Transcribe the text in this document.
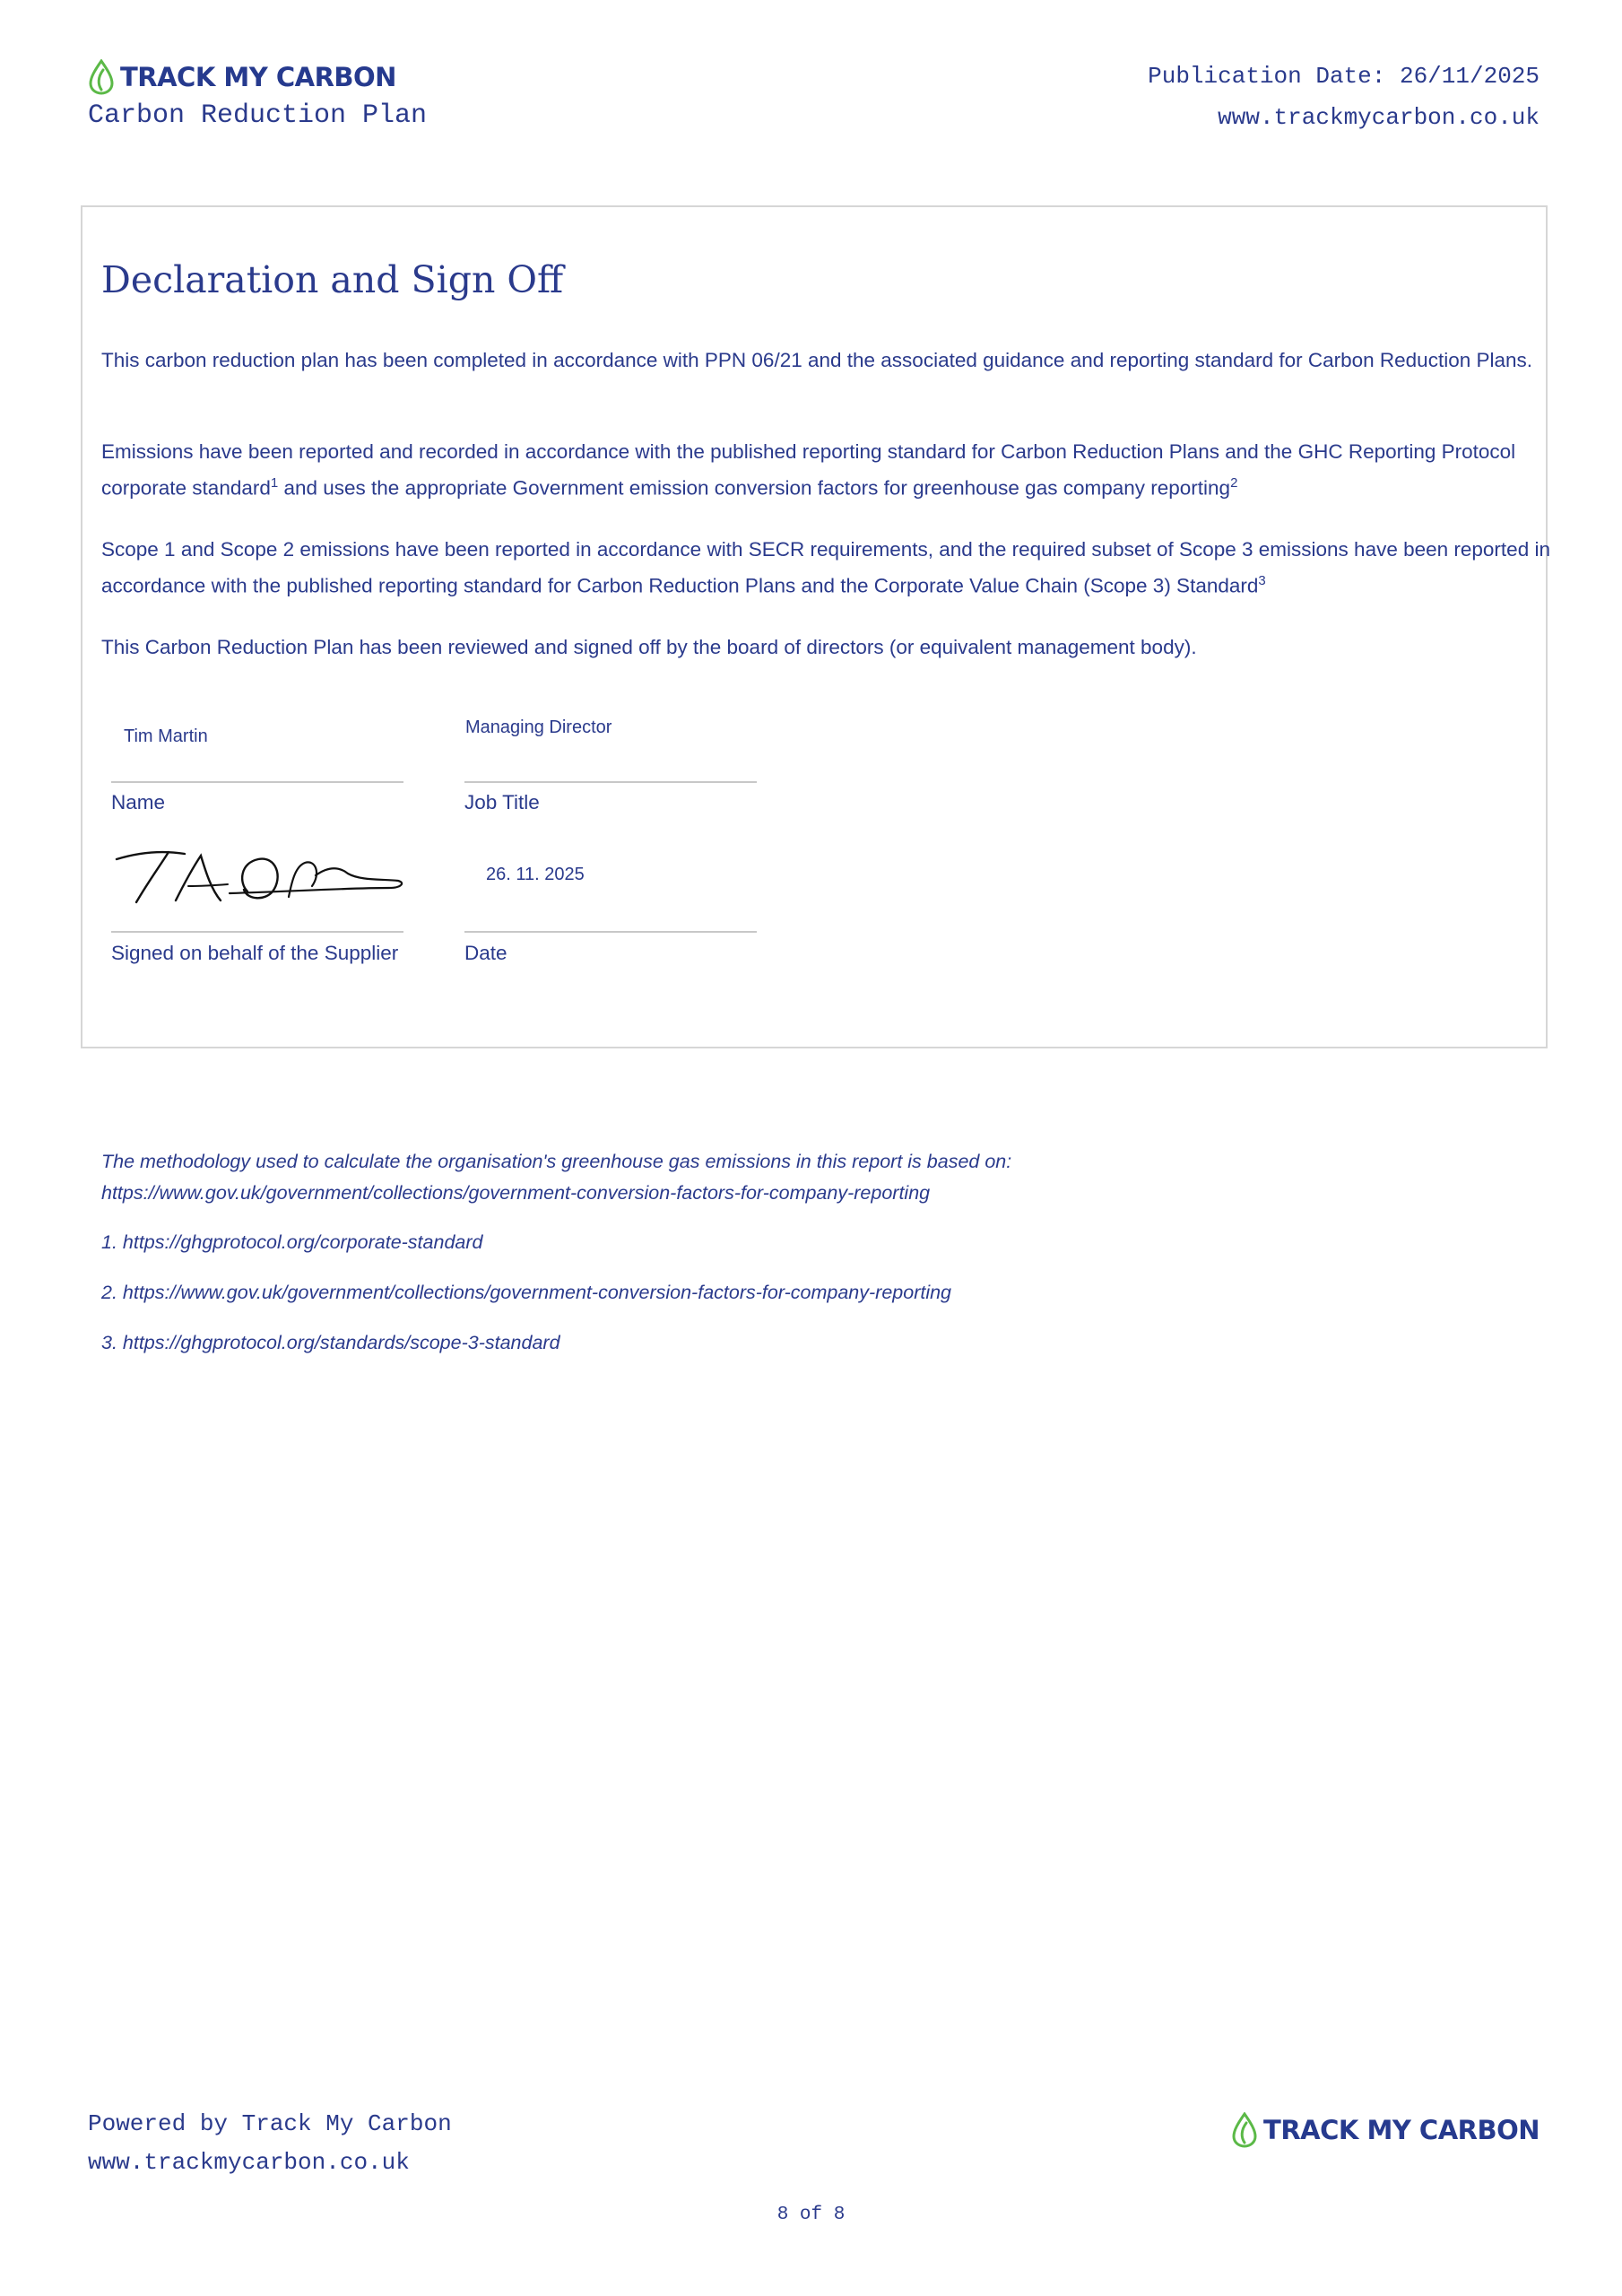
TRACK MY CARBON
Carbon Reduction Plan
Publication Date: 26/11/2025
www.trackmycarbon.co.uk
Declaration and Sign Off
This carbon reduction plan has been completed in accordance with PPN 06/21 and the associated guidance and reporting standard for Carbon Reduction Plans.
Emissions have been reported and recorded in accordance with the published reporting standard for Carbon Reduction Plans and the GHC Reporting Protocol corporate standard$^1$ and uses the appropriate Government emission conversion factors for greenhouse gas company reporting$^2$
Scope 1 and Scope 2 emissions have been reported in accordance with SECR requirements, and the required subset of Scope 3 emissions have been reported in accordance with the published reporting standard for Carbon Reduction Plans and the Corporate Value Chain (Scope 3) Standard$^3$
This Carbon Reduction Plan has been reviewed and signed off by the board of directors (or equivalent management body).
Tim Martin
Name
Managing Director
Job Title
Signed on behalf of the Supplier
26. 11. 2025
Date
The methodology used to calculate the organisation's greenhouse gas emissions in this report is based on:
https://www.gov.uk/government/collections/government-conversion-factors-for-company-reporting
1. https://ghgprotocol.org/corporate-standard
2. https://www.gov.uk/government/collections/government-conversion-factors-for-company-reporting
3. https://ghgprotocol.org/standards/scope-3-standard
Powered by Track My Carbon
www.trackmycarbon.co.uk
TRACK MY CARBON
8 of 8
